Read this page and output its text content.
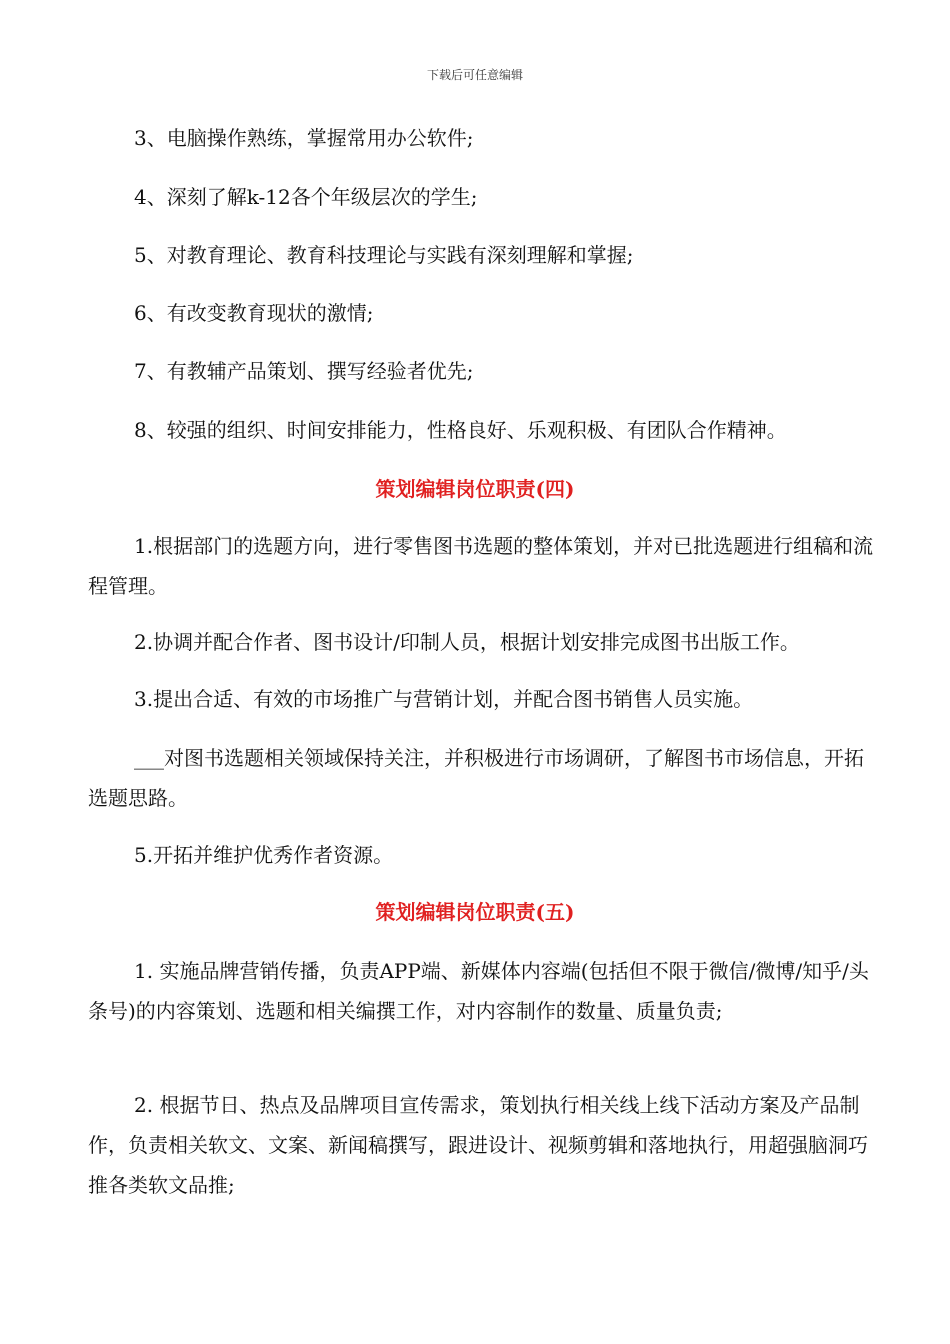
下载后可任意编辑
3、电脑操作熟练，掌握常用办公软件;
4、深刻了解k-12各个年级层次的学生;
5、对教育理论、教育科技理论与实践有深刻理解和掌握;
6、有改变教育现状的激情;
7、有教辅产品策划、撰写经验者优先;
8、较强的组织、时间安排能力，性格良好、乐观积极、有团队合作精神。
策划编辑岗位职责(四)
1.根据部门的选题方向，进行零售图书选题的整体策划，并对已批选题进行组稿和流程管理。
2.协调并配合作者、图书设计/印制人员，根据计划安排完成图书出版工作。
3.提出合适、有效的市场推广与营销计划，并配合图书销售人员实施。
___对图书选题相关领域保持关注，并积极进行市场调研，了解图书市场信息，开拓选题思路。
5.开拓并维护优秀作者资源。
策划编辑岗位职责(五)
1. 实施品牌营销传播，负责APP端、新媒体内容端(包括但不限于微信/微博/知乎/头条号)的内容策划、选题和相关编撰工作，对内容制作的数量、质量负责;
2. 根据节日、热点及品牌项目宣传需求，策划执行相关线上线下活动方案及产品制作，负责相关软文、文案、新闻稿撰写，跟进设计、视频剪辑和落地执行，用超强脑洞巧推各类软文品推;
